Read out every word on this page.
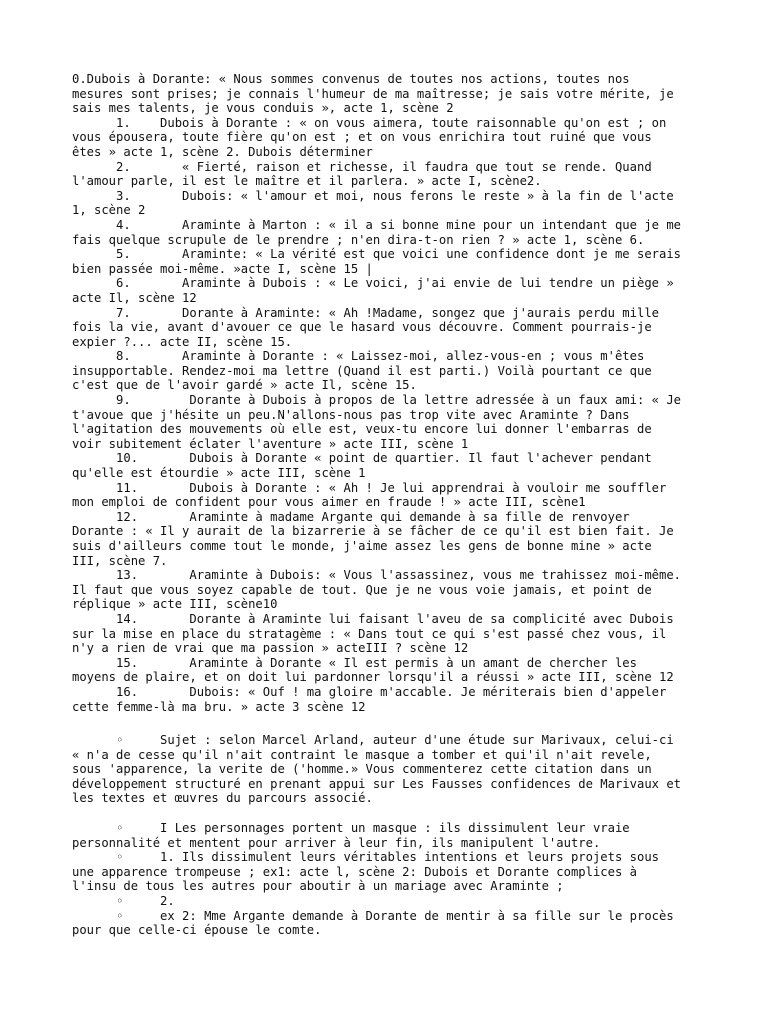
0.Dubois à Dorante: « Nous sommes convenus de toutes nos actions, toutes nos
mesures sont prises; je connais l'humeur de ma maîtresse; je sais votre mérite, je
sais mes talents, je vous conduis », acte 1, scène 2
1.    Dubois à Dorante : « on vous aimera, toute raisonnable qu'on est ; on
vous épousera, toute fière qu'on est ; et on vous enrichira tout ruiné que vous
êtes » acte 1, scène 2. Dubois déterminer
2.       « Fierté, raison et richesse, il faudra que tout se rende. Quand
l'amour parle, il est le maître et il parlera. » acte I, scène2.
3.       Dubois: « l'amour et moi, nous ferons le reste » à la fin de l'acte
1, scène 2
4.       Araminte à Marton : « il a si bonne mine pour un intendant que je me
fais quelque scrupule de le prendre ; n'en dira-t-on rien ? » acte 1, scène 6.
5.       Araminte: « La vérité est que voici une confidence dont je me serais
bien passée moi-même. »acte I, scène 15 |
6.       Araminte à Dubois : « Le voici, j'ai envie de lui tendre un piège »
acte Il, scène 12
7.       Dorante à Araminte: « Ah !Madame, songez que j'aurais perdu mille
fois la vie, avant d'avouer ce que le hasard vous découvre. Comment pourrais-je
expier ?... acte II, scène 15.
8.       Araminte à Dorante : « Laissez-moi, allez-vous-en ; vous m'êtes
insupportable. Rendez-moi ma lettre (Quand il est parti.) Voilà pourtant ce que
c'est que de l'avoir gardé » acte Il, scène 15.
9.        Dorante à Dubois à propos de la lettre adressée à un faux ami: « Je
t'avoue que j'hésite un peu.N'allons-nous pas trop vite avec Araminte ? Dans
l'agitation des mouvements où elle est, veux-tu encore lui donner l'embarras de
voir subitement éclater l'aventure » acte III, scène 1
10.       Dubois à Dorante « point de quartier. Il faut l'achever pendant
qu'elle est étourdie » acte III, scène 1
11.       Dubois à Dorante : « Ah ! Je lui apprendrai à vouloir me souffler
mon emploi de confident pour vous aimer en fraude ! » acte III, scène1
12.       Araminte à madame Argante qui demande à sa fille de renvoyer
Dorante : « Il y aurait de la bizarrerie à se fâcher de ce qu'il est bien fait. Je
suis d'ailleurs comme tout le monde, j'aime assez les gens de bonne mine » acte
III, scène 7.
13.       Araminte à Dubois: « Vous l'assassinez, vous me trahissez moi-même.
Il faut que vous soyez capable de tout. Que je ne vous voie jamais, et point de
réplique » acte III, scène10
14.       Dorante à Araminte lui faisant l'aveu de sa complicité avec Dubois
sur la mise en place du stratagème : « Dans tout ce qui s'est passé chez vous, il
n'y a rien de vrai que ma passion » acteIII ? scène 12
15.       Araminte à Dorante « Il est permis à un amant de chercher les
moyens de plaire, et on doit lui pardonner lorsqu'il a réussi » acte III, scène 12
16.       Dubois: « Ouf ! ma gloire m'accable. Je mériterais bien d'appeler
cette femme-là ma bru. » acte 3 scène 12
◦     Sujet : selon Marcel Arland, auteur d'une étude sur Marivaux, celui-ci
« n'a de cesse qu'il n'ait contraint le masque a tomber et qui'il n'ait revele,
sous 'apparence, la verite de ('homme.» Vous commenterez cette citation dans un
développement structuré en prenant appui sur Les Fausses confidences de Marivaux et
les textes et œuvres du parcours associé.
◦     I Les personnages portent un masque : ils dissimulent leur vraie
personnalité et mentent pour arriver à leur fin, ils manipulent l'autre.
◦     1. Ils dissimulent leurs véritables intentions et leurs projets sous
une apparence trompeuse ; ex1: acte l, scène 2: Dubois et Dorante complices à
l'insu de tous les autres pour aboutir à un mariage avec Araminte ;
◦     2.
◦     ex 2: Mme Argante demande à Dorante de mentir à sa fille sur le procès
pour que celle-ci épouse le comte.
